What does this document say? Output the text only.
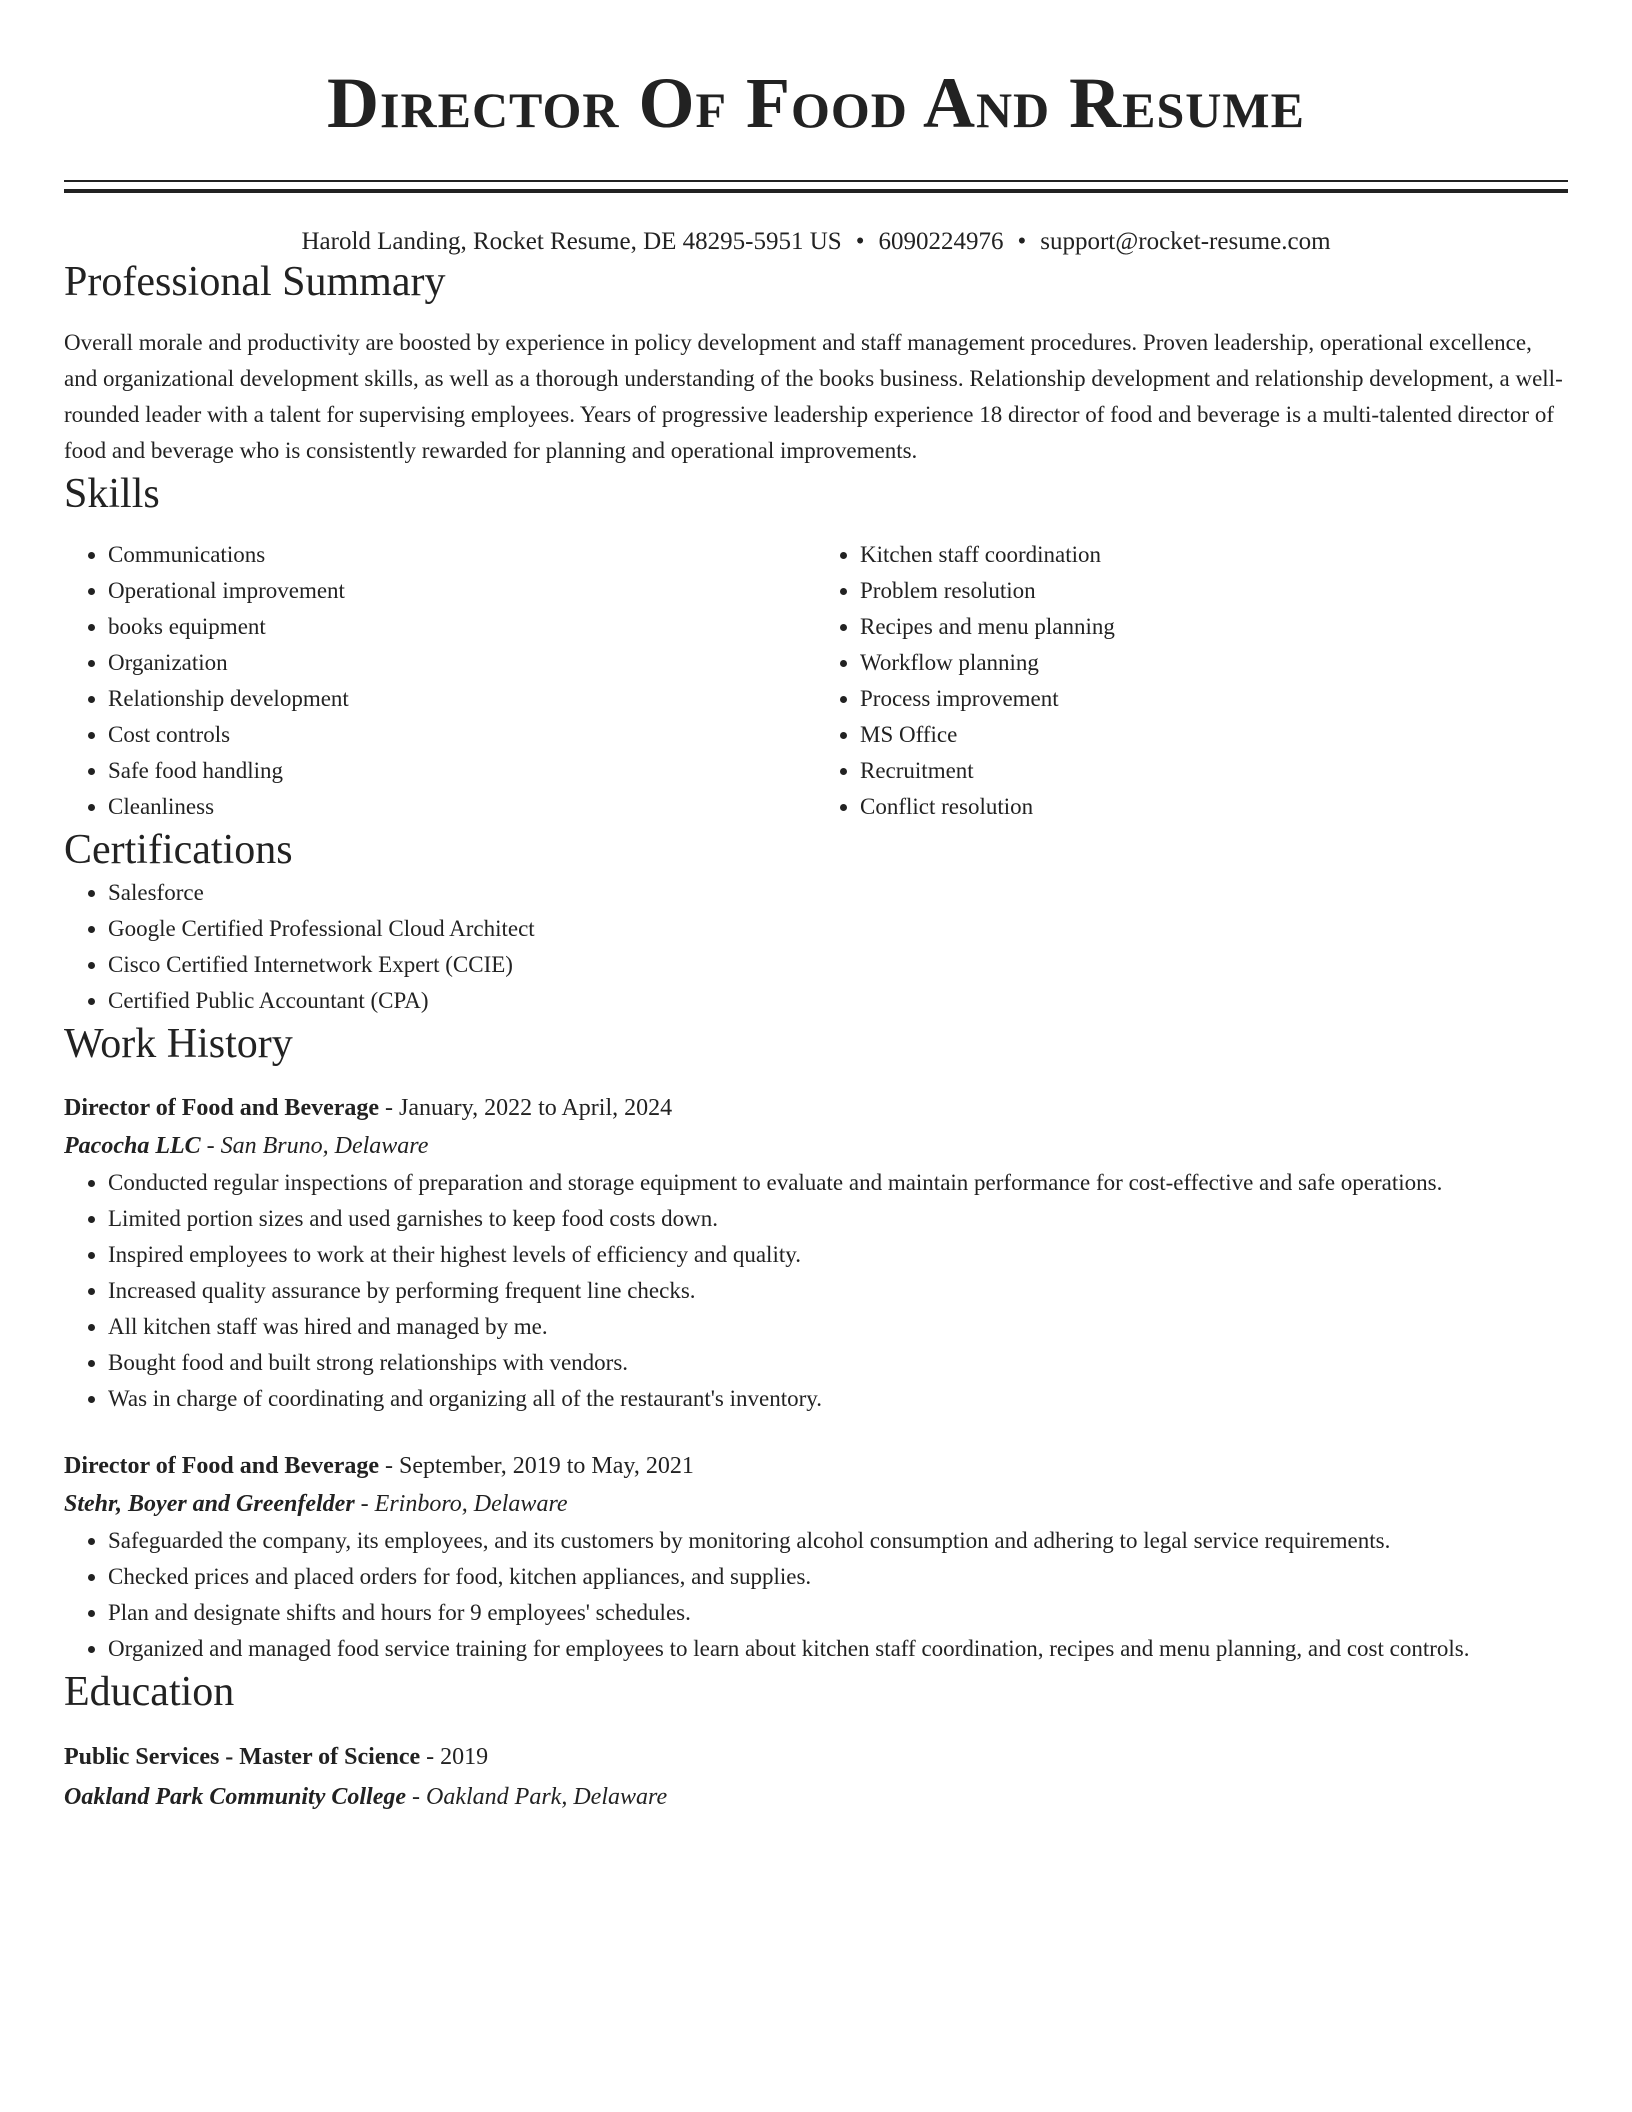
Director Of Food And Resume
Harold Landing, Rocket Resume, DE 48295-5951 US • 6090224976 • support@rocket-resume.com
Professional Summary

Overall morale and productivity are boosted by experience in policy development and staff management procedures. Proven leadership, operational excellence, and organizational development skills, as well as a thorough understanding of the books business. Relationship development and relationship development, a well-rounded leader with a talent for supervising employees. Years of progressive leadership experience 18 director of food and beverage is a multi-talented director of food and beverage who is consistently rewarded for planning and operational improvements.

Skills
• Communications
• Operational improvement
• books equipment
• Organization
• Relationship development
• Cost controls
• Safe food handling
• Cleanliness
• Kitchen staff coordination
• Problem resolution
• Recipes and menu planning
• Workflow planning
• Process improvement
• MS Office
• Recruitment
• Conflict resolution
Certifications
• Salesforce
• Google Certified Professional Cloud Architect
• Cisco Certified Internetwork Expert (CCIE)
• Certified Public Accountant (CPA)
Work History
Director of Food and Beverage - January, 2022 to April, 2024
Pacocha LLC - San Bruno, Delaware
• Conducted regular inspections of preparation and storage equipment to evaluate and maintain performance for cost-effective and safe operations.
• Limited portion sizes and used garnishes to keep food costs down.
• Inspired employees to work at their highest levels of efficiency and quality.
• Increased quality assurance by performing frequent line checks.
• All kitchen staff was hired and managed by me.
• Bought food and built strong relationships with vendors.
• Was in charge of coordinating and organizing all of the restaurant's inventory.
Director of Food and Beverage - September, 2019 to May, 2021
Stehr, Boyer and Greenfelder - Erinboro, Delaware
• Safeguarded the company, its employees, and its customers by monitoring alcohol consumption and adhering to legal service requirements.
• Checked prices and placed orders for food, kitchen appliances, and supplies.
• Plan and designate shifts and hours for 9 employees' schedules.
• Organized and managed food service training for employees to learn about kitchen staff coordination, recipes and menu planning, and cost controls.
Education
Public Services - Master of Science - 2019
Oakland Park Community College - Oakland Park, Delaware
